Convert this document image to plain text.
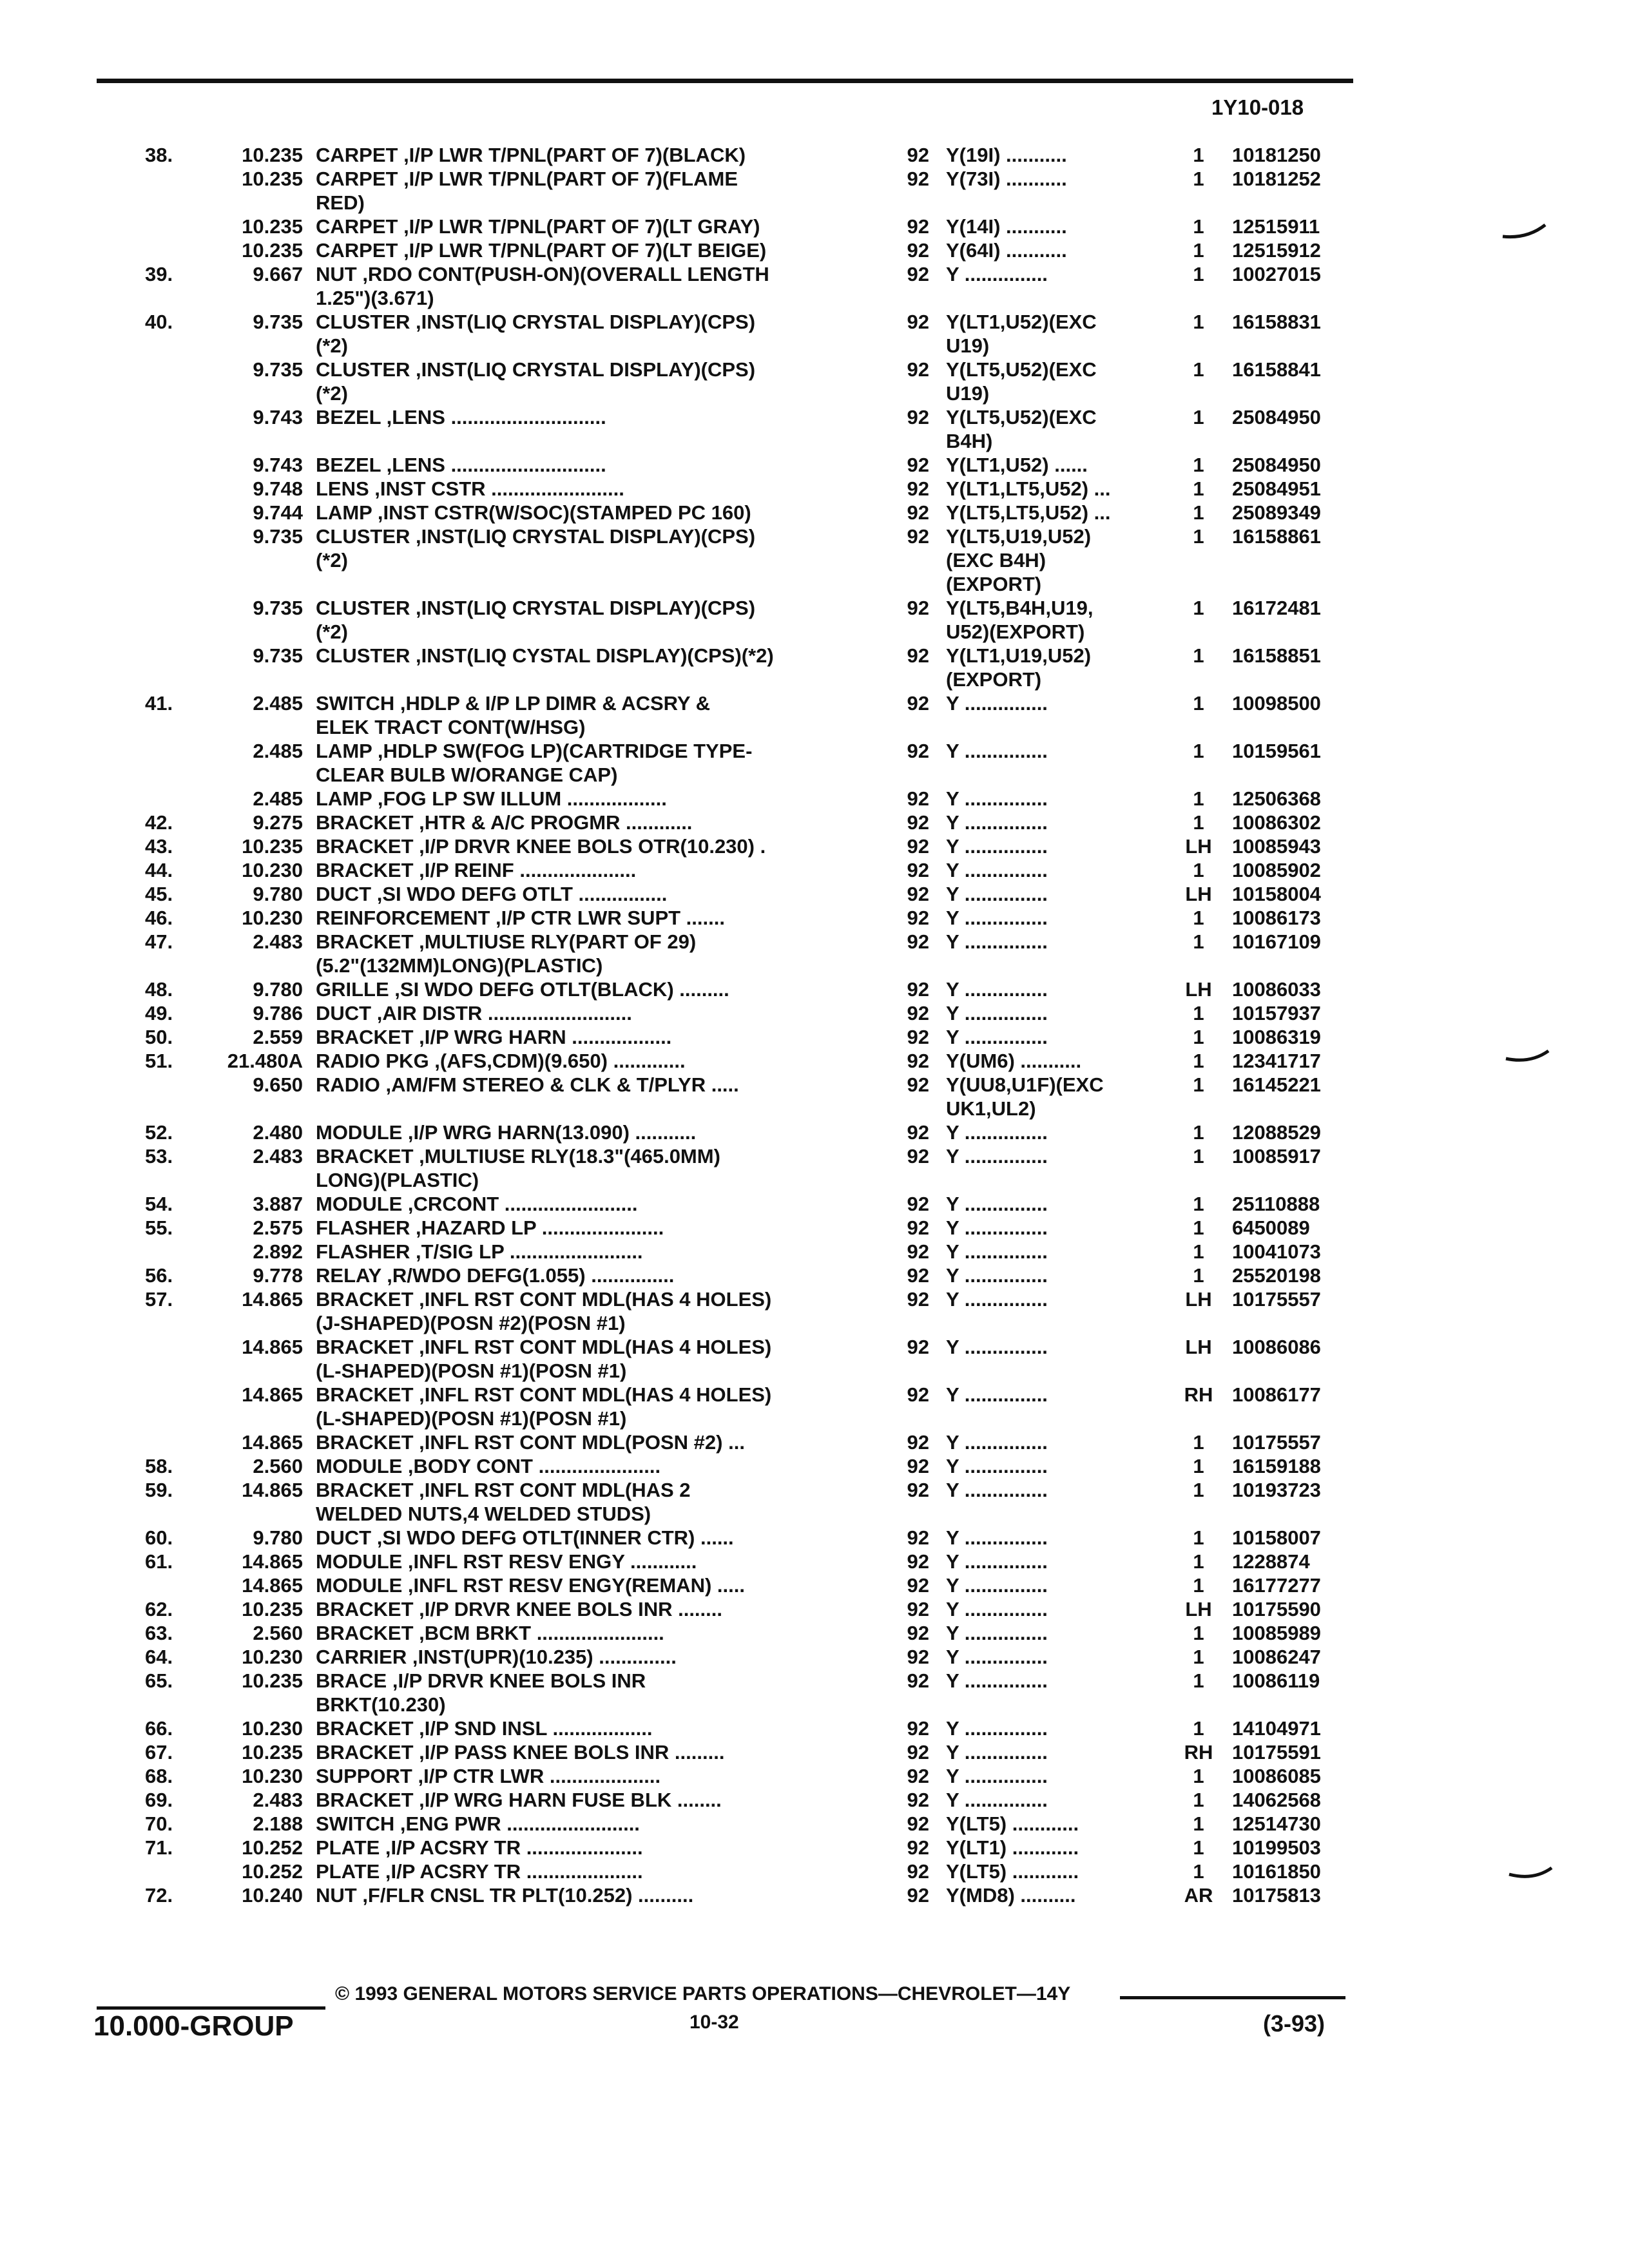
1Y10-018
38.	10.235 CARPET ,I/P LWR T/PNL(PART OF 7)(BLACK)	92 Y(19I) ...........	1	10181250
10.235 CARPET ,I/P LWR T/PNL(PART OF 7)(FLAME	92 Y(73I) ...........	1	10181252
RED)
10.235 CARPET ,I/P LWR T/PNL(PART OF 7)(LT GRAY)	92 Y(14I) ...........	1	12515911
10.235 CARPET ,I/P LWR T/PNL(PART OF 7)(LT BEIGE)	92 Y(64I) ...........	1	12515912
39.	9.667 NUT ,RDO CONT(PUSH-ON)(OVERALL LENGTH	92 Y ...............	1	10027015
1.25")(3.671)
40.	9.735 CLUSTER ,INST(LIQ CRYSTAL DISPLAY)(CPS)	92 Y(LT1,U52)(EXC	1	16158831
(*2)	U19)
9.735 CLUSTER ,INST(LIQ CRYSTAL DISPLAY)(CPS)	92 Y(LT5,U52)(EXC	1	16158841
(*2)	U19)
9.743 BEZEL ,LENS ............................	92 Y(LT5,U52)(EXC	1	25084950
B4H)
9.743 BEZEL ,LENS ............................	92 Y(LT1,U52) ......	1	25084950
9.748 LENS ,INST CSTR ........................	92 Y(LT1,LT5,U52) ...	1	25084951
9.744 LAMP ,INST CSTR(W/SOC)(STAMPED PC 160)	92 Y(LT5,LT5,U52) ...	1	25089349
9.735 CLUSTER ,INST(LIQ CRYSTAL DISPLAY)(CPS)	92 Y(LT5,U19,U52)	1	16158861
(*2)	(EXC B4H)
(EXPORT)
9.735 CLUSTER ,INST(LIQ CRYSTAL DISPLAY)(CPS)	92 Y(LT5,B4H,U19,	1	16172481
(*2)	U52)(EXPORT)
9.735 CLUSTER ,INST(LIQ CYSTAL DISPLAY)(CPS)(*2)	92 Y(LT1,U19,U52)	1	16158851
(EXPORT)
41.	2.485 SWITCH ,HDLP & I/P LP DIMR & ACSRY &	92 Y ...............	1	10098500
ELEK TRACT CONT(W/HSG)
2.485 LAMP ,HDLP SW(FOG LP)(CARTRIDGE TYPE-	92 Y ...............	1	10159561
CLEAR BULB W/ORANGE CAP)
2.485 LAMP ,FOG LP SW ILLUM ..................	92 Y ...............	1	12506368
42.	9.275 BRACKET ,HTR & A/C PROGMR ............	92 Y ...............	1	10086302
43.	10.235 BRACKET ,I/P DRVR KNEE BOLS OTR(10.230) .	92 Y ...............	LH	10085943
44.	10.230 BRACKET ,I/P REINF .....................	92 Y ...............	1	10085902
45.	9.780 DUCT ,SI WDO DEFG OTLT ................	92 Y ...............	LH	10158004
46.	10.230 REINFORCEMENT ,I/P CTR LWR SUPT .......	92 Y ...............	1	10086173
47.	2.483 BRACKET ,MULTIUSE RLY(PART OF 29)	92 Y ...............	1	10167109
(5.2"(132MM)LONG)(PLASTIC)
48.	9.780 GRILLE ,SI WDO DEFG OTLT(BLACK) .........	92 Y ...............	LH	10086033
49.	9.786 DUCT ,AIR DISTR ..........................	92 Y ...............	1	10157937
50.	2.559 BRACKET ,I/P WRG HARN ..................	92 Y ...............	1	10086319
51.	21.480A RADIO PKG ,(AFS,CDM)(9.650) .............	92 Y(UM6) ...........	1	12341717
9.650 RADIO ,AM/FM STEREO & CLK & T/PLYR .....	92 Y(UU8,U1F)(EXC	1	16145221
UK1,UL2)
52.	2.480 MODULE ,I/P WRG HARN(13.090) ...........	92 Y ...............	1	12088529
53.	2.483 BRACKET ,MULTIUSE RLY(18.3"(465.0MM)	92 Y ...............	1	10085917
LONG)(PLASTIC)
54.	3.887 MODULE ,CRCONT ........................	92 Y ...............	1	25110888
55.	2.575 FLASHER ,HAZARD LP ......................	92 Y ...............	1	6450089
2.892 FLASHER ,T/SIG LP ........................	92 Y ...............	1	10041073
56.	9.778 RELAY ,R/WDO DEFG(1.055) ...............	92 Y ...............	1	25520198
57.	14.865 BRACKET ,INFL RST CONT MDL(HAS 4 HOLES)	92 Y ...............	LH	10175557
(J-SHAPED)(POSN #2)(POSN #1)
14.865 BRACKET ,INFL RST CONT MDL(HAS 4 HOLES)	92 Y ...............	LH	10086086
(L-SHAPED)(POSN #1)(POSN #1)
14.865 BRACKET ,INFL RST CONT MDL(HAS 4 HOLES)	92 Y ...............	RH 10086177
(L-SHAPED)(POSN #1)(POSN #1)
14.865 BRACKET ,INFL RST CONT MDL(POSN #2) ...	92 Y ...............	1	10175557
58.	2.560 MODULE ,BODY CONT ......................	92 Y ...............	1	16159188
59.	14.865 BRACKET ,INFL RST CONT MDL(HAS 2	92 Y ...............	1	10193723
WELDED NUTS,4 WELDED STUDS)
60.	9.780 DUCT ,SI WDO DEFG OTLT(INNER CTR) ......	92 Y ...............	1	10158007
61.	14.865 MODULE ,INFL RST RESV ENGY ............	92 Y ...............	1	1228874
14.865 MODULE ,INFL RST RESV ENGY(REMAN) .....	92 Y ...............	1	16177277
62.	10.235 BRACKET ,I/P DRVR KNEE BOLS INR ........	92 Y ...............	LH	10175590
63.	2.560 BRACKET ,BCM BRKT .......................	92 Y ...............	1	10085989
64.	10.230 CARRIER ,INST(UPR)(10.235) ..............	92 Y ...............	1	10086247
65.	10.235 BRACE ,I/P DRVR KNEE BOLS INR	92 Y ...............	1	10086119
BRKT(10.230)
66.	10.230 BRACKET ,I/P SND INSL ..................	92 Y ...............	1	14104971
67.	10.235 BRACKET ,I/P PASS KNEE BOLS INR .........	92 Y ...............	RH 10175591
68.	10.230 SUPPORT ,I/P CTR LWR ....................	92 Y ...............	1	10086085
69.	2.483 BRACKET ,I/P WRG HARN FUSE BLK ........	92 Y ...............	1	14062568
70.	2.188 SWITCH ,ENG PWR ........................	92 Y(LT5) ............	1	12514730
71.	10.252 PLATE ,I/P ACSRY TR .....................	92 Y(LT1) ............	1	10199503
10.252 PLATE ,I/P ACSRY TR .....................	92 Y(LT5) ............	1	10161850
72.	10.240 NUT ,F/FLR CNSL TR PLT(10.252) ..........	92 Y(MD8) ..........	AR 10175813
10.000-GROUP
© 1993 GENERAL MOTORS SERVICE PARTS OPERATIONS—CHEVROLET—14Y
10-32	(3-93)
